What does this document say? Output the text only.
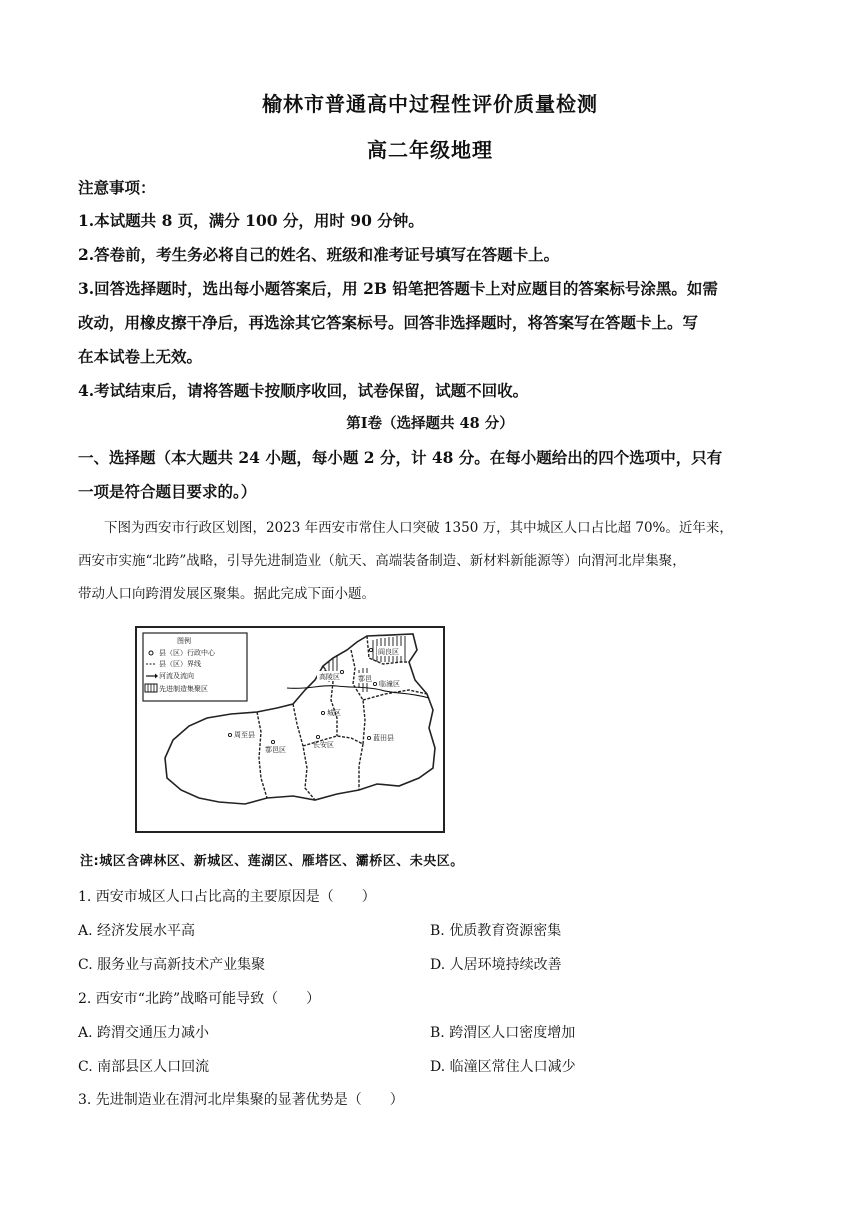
榆林市普通高中过程性评价质量检测
高二年级地理
注意事项：
1.本试题共 8 页，满分 100 分，用时 90 分钟。
2.答卷前，考生务必将自己的姓名、班级和准考证号填写在答题卡上。
3.回答选择题时，选出每小题答案后，用 2B 铅笔把答题卡上对应题目的答案标号涂黑。如需
改动，用橡皮擦干净后，再选涂其它答案标号。回答非选择题时，将答案写在答题卡上。写
在本试卷上无效。
4.考试结束后，请将答题卡按顺序收回，试卷保留，试题不回收。
第Ⅰ卷（选择题共 48 分）
一、选择题（本大题共 24 小题，每小题 2 分，计 48 分。在每小题给出的四个选项中，只有
一项是符合题目要求的。）
下图为西安市行政区划图，2023 年西安市常住人口突破 1350 万，其中城区人口占比超 70%。近年来，
西安市实施“北跨”战略，引导先进制造业（航天、高端装备制造、新材料新能源等）向渭河北岸集聚，
带动人口向跨渭发展区聚集。据此完成下面小题。
图例
县（区）行政中心
县（区）界线
河流及流向
先进制造集聚区
阎良区
高陵区	鄠邑
临潼区
城区
周至县
鄠邑区
长安区
蓝田县
注:城区含碑林区、新城区、莲湖区、雁塔区、灞桥区、未央区。
1. 西安市城区人口占比高的主要原因是（　　）
A. 经济发展水平高	B. 优质教育资源密集
C. 服务业与高新技术产业集聚	D. 人居环境持续改善
2. 西安市“北跨”战略可能导致（　　）
A. 跨渭交通压力减小	B. 跨渭区人口密度增加
C. 南部县区人口回流	D. 临潼区常住人口减少
3. 先进制造业在渭河北岸集聚的显著优势是（　　）
